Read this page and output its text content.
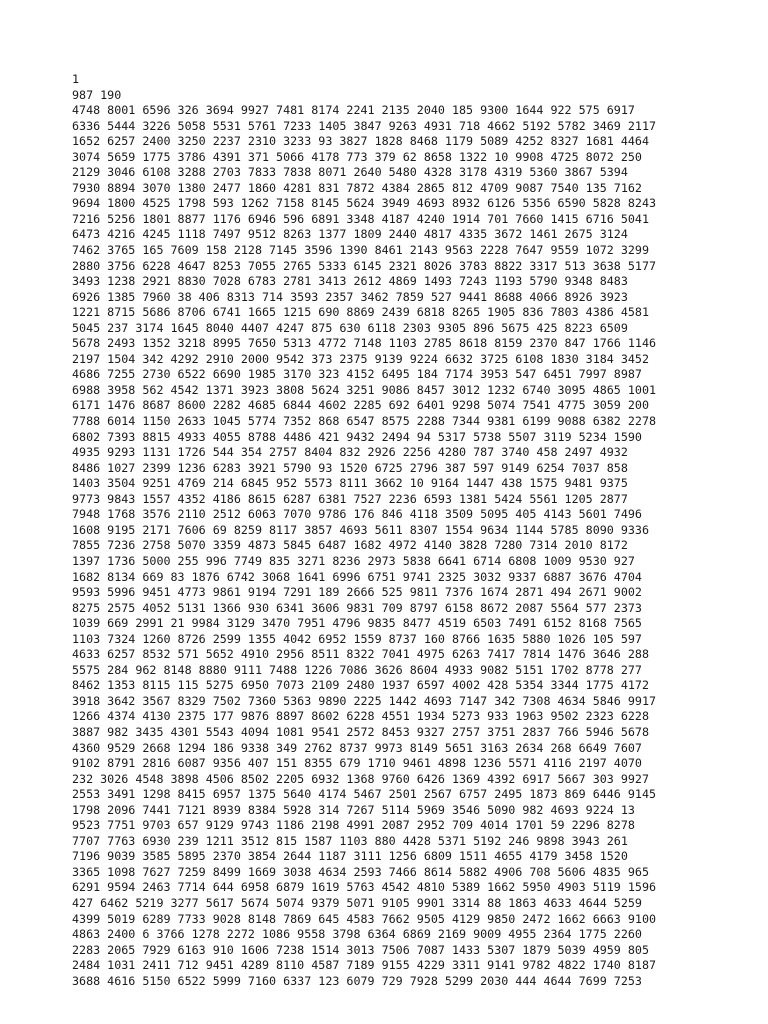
1
987 190
4748 8001 6596 326 3694 9927 7481 8174 2241 2135 2040 185 9300 1644 922 575 6917
6336 5444 3226 5058 5531 5761 7233 1405 3847 9263 4931 718 4662 5192 5782 3469 2117
1652 6257 2400 3250 2237 2310 3233 93 3827 1828 8468 1179 5089 4252 8327 1681 4464
3074 5659 1775 3786 4391 371 5066 4178 773 379 62 8658 1322 10 9908 4725 8072 250
2129 3046 6108 3288 2703 7833 7838 8071 2640 5480 4328 3178 4319 5360 3867 5394
7930 8894 3070 1380 2477 1860 4281 831 7872 4384 2865 812 4709 9087 7540 135 7162
9694 1800 4525 1798 593 1262 7158 8145 5624 3949 4693 8932 6126 5356 6590 5828 8243
7216 5256 1801 8877 1176 6946 596 6891 3348 4187 4240 1914 701 7660 1415 6716 5041
6473 4216 4245 1118 7497 9512 8263 1377 1809 2440 4817 4335 3672 1461 2675 3124
7462 3765 165 7609 158 2128 7145 3596 1390 8461 2143 9563 2228 7647 9559 1072 3299
2880 3756 6228 4647 8253 7055 2765 5333 6145 2321 8026 3783 8822 3317 513 3638 5177
3493 1238 2921 8830 7028 6783 2781 3413 2612 4869 1493 7243 1193 5790 9348 8483
6926 1385 7960 38 406 8313 714 3593 2357 3462 7859 527 9441 8688 4066 8926 3923
1221 8715 5686 8706 6741 1665 1215 690 8869 2439 6818 8265 1905 836 7803 4386 4581
5045 237 3174 1645 8040 4407 4247 875 630 6118 2303 9305 896 5675 425 8223 6509
5678 2493 1352 3218 8995 7650 5313 4772 7148 1103 2785 8618 8159 2370 847 1766 1146
2197 1504 342 4292 2910 2000 9542 373 2375 9139 9224 6632 3725 6108 1830 3184 3452
4686 7255 2730 6522 6690 1985 3170 323 4152 6495 184 7174 3953 547 6451 7997 8987
6988 3958 562 4542 1371 3923 3808 5624 3251 9086 8457 3012 1232 6740 3095 4865 1001
6171 1476 8687 8600 2282 4685 6844 4602 2285 692 6401 9298 5074 7541 4775 3059 200
7788 6014 1150 2633 1045 5774 7352 868 6547 8575 2288 7344 9381 6199 9088 6382 2278
6802 7393 8815 4933 4055 8788 4486 421 9432 2494 94 5317 5738 5507 3119 5234 1590
4935 9293 1131 1726 544 354 2757 8404 832 2926 2256 4280 787 3740 458 2497 4932
8486 1027 2399 1236 6283 3921 5790 93 1520 6725 2796 387 597 9149 6254 7037 858
1403 3504 9251 4769 214 6845 952 5573 8111 3662 10 9164 1447 438 1575 9481 9375
9773 9843 1557 4352 4186 8615 6287 6381 7527 2236 6593 1381 5424 5561 1205 2877
7948 1768 3576 2110 2512 6063 7070 9786 176 846 4118 3509 5095 405 4143 5601 7496
1608 9195 2171 7606 69 8259 8117 3857 4693 5611 8307 1554 9634 1144 5785 8090 9336
7855 7236 2758 5070 3359 4873 5845 6487 1682 4972 4140 3828 7280 7314 2010 8172
1397 1736 5000 255 996 7749 835 3271 8236 2973 5838 6641 6714 6808 1009 9530 927
1682 8134 669 83 1876 6742 3068 1641 6996 6751 9741 2325 3032 9337 6887 3676 4704
9593 5996 9451 4773 9861 9194 7291 189 2666 525 9811 7376 1674 2871 494 2671 9002
8275 2575 4052 5131 1366 930 6341 3606 9831 709 8797 6158 8672 2087 5564 577 2373
1039 669 2991 21 9984 3129 3470 7951 4796 9835 8477 4519 6503 7491 6152 8168 7565
1103 7324 1260 8726 2599 1355 4042 6952 1559 8737 160 8766 1635 5880 1026 105 597
4633 6257 8532 571 5652 4910 2956 8511 8322 7041 4975 6263 7417 7814 1476 3646 288
5575 284 962 8148 8880 9111 7488 1226 7086 3626 8604 4933 9082 5151 1702 8778 277
8462 1353 8115 115 5275 6950 7073 2109 2480 1937 6597 4002 428 5354 3344 1775 4172
3918 3642 3567 8329 7502 7360 5363 9890 2225 1442 4693 7147 342 7308 4634 5846 9917
1266 4374 4130 2375 177 9876 8897 8602 6228 4551 1934 5273 933 1963 9502 2323 6228
3887 982 3435 4301 5543 4094 1081 9541 2572 8453 9327 2757 3751 2837 766 5946 5678
4360 9529 2668 1294 186 9338 349 2762 8737 9973 8149 5651 3163 2634 268 6649 7607
9102 8791 2816 6087 9356 407 151 8355 679 1710 9461 4898 1236 5571 4116 2197 4070
232 3026 4548 3898 4506 8502 2205 6932 1368 9760 6426 1369 4392 6917 5667 303 9927
2553 3491 1298 8415 6957 1375 5640 4174 5467 2501 2567 6757 2495 1873 869 6446 9145
1798 2096 7441 7121 8939 8384 5928 314 7267 5114 5969 3546 5090 982 4693 9224 13
9523 7751 9703 657 9129 9743 1186 2198 4991 2087 2952 709 4014 1701 59 2296 8278
7707 7763 6930 239 1211 3512 815 1587 1103 880 4428 5371 5192 246 9898 3943 261
7196 9039 3585 5895 2370 3854 2644 1187 3111 1256 6809 1511 4655 4179 3458 1520
3365 1098 7627 7259 8499 1669 3038 4634 2593 7466 8614 5882 4906 708 5606 4835 965
6291 9594 2463 7714 644 6958 6879 1619 5763 4542 4810 5389 1662 5950 4903 5119 1596
427 6462 5219 3277 5617 5674 5074 9379 5071 9105 9901 3314 88 1863 4633 4644 5259
4399 5019 6289 7733 9028 8148 7869 645 4583 7662 9505 4129 9850 2472 1662 6663 9100
4863 2400 6 3766 1278 2272 1086 9558 3798 6364 6869 2169 9009 4955 2364 1775 2260
2283 2065 7929 6163 910 1606 7238 1514 3013 7506 7087 1433 5307 1879 5039 4959 805
2484 1031 2411 712 9451 4289 8110 4587 7189 9155 4229 3311 9141 9782 4822 1740 8187
3688 4616 5150 6522 5999 7160 6337 123 6079 729 7928 5299 2030 444 4644 7699 7253
